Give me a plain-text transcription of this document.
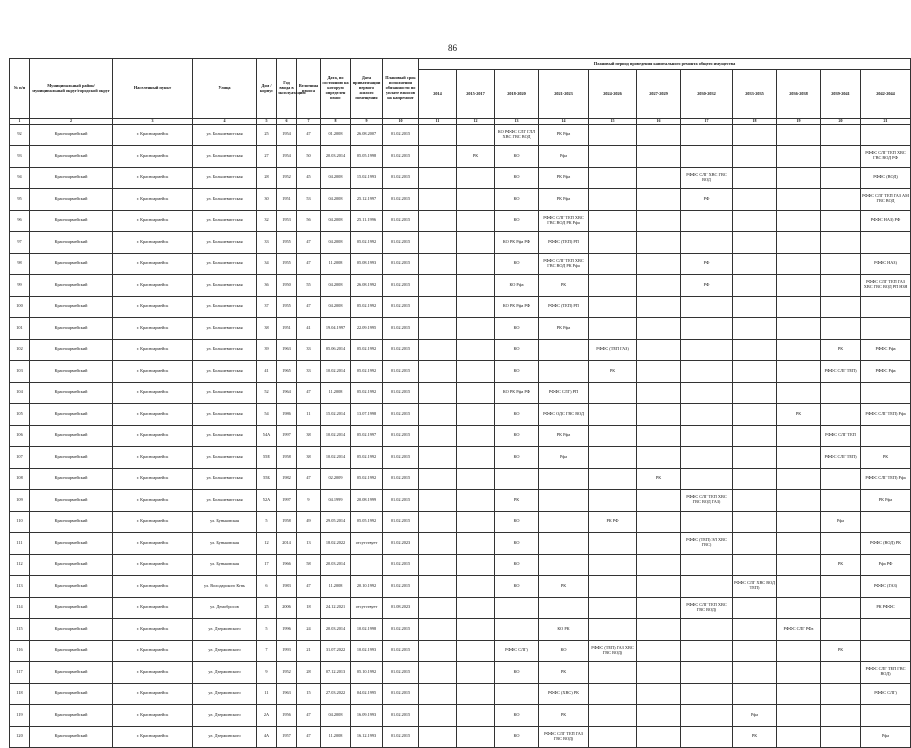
86
№ п/п	Муниципальный район/ муниципальный округ/городской округ	Населенный пункт	Улица	Дом / корпус	Год ввода в эксплуатацию	Величина износа	Дата, по состоянию на которую определен износ	Дата приватизации первого жилого помещения	Плановый срок исполнения обязанности по уплате взносов на капремонт	Плановый период проведения капитального ремонта общего имущества											
										2014	2015-2017	2018-2020	2021-2023	2024-2026	2027-2029	2030-2032	2033-2035	2036-2038	2039-2041	2042-2044	
1	2	3	4	5	6	7	8	9	10	11	12	13	14	15	16	17	18	19	20	21	
92	Красноармейский	г. Красноармейск	ул. Большевистская	25	1954	47	01.2008	26.08.2007	01.02.2015			КО РФФС СЛГ ГЛЛ ХВС ГВС ВОД	РК Рфа								
93	Красноармейский	г. Красноармейск	ул. Большевистская	27	1954	50	20.03.2014	05.05.1998	01.02.2015		РК	КО	Рфа							РФФС СЛГ ТЕП ХВС ГВС ВОД РФ	
94	Красноармейский	г. Красноармейск	ул. Большевистская	28	1952	45	04.2008	15.02.1993	01.02.2015			КО	РК Рфа			РФФС СЛГ ХВС ГВС ВОД				РФФС (ВОД)	
95	Красноармейский	г. Красноармейск	ул. Большевистская	30	1951	53	04.2008	25.12.1997	01.02.2015			КО	РК Рфа			РФ				РФФС СЛГ ТЕП ГАЗ АМ ГВС ВОД	
96	Красноармейский	г. Красноармейск	ул. Большевистская	32	1953	56	04.2008	25.11.1996	01.02.2015			КО	РФФС СЛГ ТЕП ХВС ГВС ВОД РК Рфа							РФФС НАЗ) РФ	
97	Красноармейский	г. Красноармейск	ул. Большевистская	33	1955	47	04.2008	05.02.1992	01.02.2015			КО РК Рфа РФ	РФФС (ТЕП) РП								
98	Красноармейский	г. Красноармейск	ул. Большевистская	34	1955	47	11.2008	05.08.1993	01.02.2015			КО	РФФС СЛГ ТЕП ХВС ГВС ВОД РК Рфа			РФ				РФФС НАЗ)	
99	Красноармейский	г. Красноармейск	ул. Большевистская	36	1950	55	04.2008	26.08.1992	01.02.2015			КО Рфа	РК			РФ				РФФС СЛГ ТЕП ГАЗ ХВС ГВС ВОД РП НЗЯ	
100	Красноармейский	г. Красноармейск	ул. Большевистская	37	1955	47	04.2008	05.02.1992	01.02.2015			КО РК Рфа РФ	РФФС (ТЕП) РП								
101	Красноармейский	г. Красноармейск	ул. Большевистская	38	1951	41	19.04.1997	22.09.1995	01.02.2015			КО	РК Рфа								
102	Красноармейский	г. Красноармейск	ул. Большевистская	39	1963	33	05.06.2014	05.02.1992	01.02.2015			КО		РФФС (ТЕП ГАЗ)					РК	РФФС Рфа	
103	Красноармейский	г. Красноармейск	ул. Большевистская	41	1965	33	10.02.2014	05.02.1992	01.02.2015			КО		РК					РФФС СЛГ ТЕП)	РФФС Рфа	
104	Красноармейский	г. Красноармейск	ул. Большевистская	52	1964	47	11.2008	05.02.1992	01.02.2015			КО РК Рфа РФ	РФФС СЛГ) РП								
105	Красноармейский	г. Красноармейск	ул. Большевистская	54	1986	11	15.02.2014	13.07.1998	01.02.2015			КО	РФФС ОДС ГВС ВОД					РК		РФФС СЛГ ТЕП) Рфа	
106	Красноармейский	г. Красноармейск	ул. Большевистская	54А	1997	38	10.02.2014	05.02.1997	01.02.2015			КО	РК Рфа						РФФС СЛГ ТЕП		
107	Красноармейский	г. Красноармейск	ул. Большевистская	55Е	1958	38	10.02.2014	05.02.1992	01.02.2015			КО	Рфа						РФФС СЛГ ТЕП)	РК	
108	Красноармейский	г. Красноармейск	ул. Большевистская	55Б	1982	47	02.2009	05.02.1992	01.02.2015						РК					РФФС СЛГ ТЕП) Рфа	
109	Красноармейский	г. Красноармейск	ул. Большевистская	52А	1997	9	04.1999	20.08.1999	01.02.2015			РК				РФФС СЛГ ТЕП ХВС ГВС ВОД ГАЗ)				РК Рфа	
110	Красноармейский	г. Красноармейск	ул. Буньковская	5	1958	49	29.05.2014	05.05.1992	01.02.2015			КО		РК РФ					Рфа		
111	Красноармейский	г. Красноармейск	ул. Буньковская	12	2014	13	18.02.2022	отсутствует	01.02.2023			КО				РФФС (ТЕП) ЭЛ ХВС ГВС)				РФФС (ВОД) РК	
112	Красноармейский	г. Красноармейск	ул. Буньковская	17	1966	58	20.03.2014		01.02.2015			КО							РК	Рфа РФ	
113	Красноармейский	г. Красноармейск	ул. Володарского Кгвь	6	1983	47	11.2008	20.10.1992	01.02.2015			КО	РК				РФФС СЛГ ХВС ВОД ТЕП)			РФФС (ГАЗ)	
114	Красноармейский	г. Красноармейск	ул. Демобросов	25	2006	18	24.12.2021	отсутствует	01.08.2023							РФФС СЛГ ТЕП ХВС ГВС ВОД)				РК РФФС	
115	Красноармейский	г. Красноармейск	ул. Дзержинского	5	1996	24	20.03.2014	10.02.1998	01.02.2015				КО РК					РФФС СЛГ РФа			
116	Красноармейский	г. Красноармейск	ул. Дзержинского	7	1993	21	31.07.2022	10.02.1993	01.02.2015			РФФС СЛГ)	КО	РФФС (ТЕП) ГАЗ ХВС ГВС ВОД)					РК		
117	Красноармейский	г. Красноармейск	ул. Дзержинского	9	1952	28	07.12.2013	05.10.1992	01.02.2015			КО	РК							РФФС СЛГ ТЕП ГВС ВОД)	
118	Красноармейский	г. Красноармейск	ул. Дзержинского	11	1963	15	27.03.2022	04.02.1995	01.02.2015				РФФС (ХВС) РК							РФФС СЛГ)	
119	Красноармейский	г. Красноармейск	ул. Дзержинского	2А	1956	47	04.2008	16.09.1993	01.02.2015			КО	РК				Рфа				
120	Красноармейский	г. Красноармейск	ул. Дзержинского	4А	1957	47	11.2008	16.12.1993	01.02.2015			КО	РФФС СЛГ ТЕП ГАЗ ГВС ВОД)				РК			Рфа	
